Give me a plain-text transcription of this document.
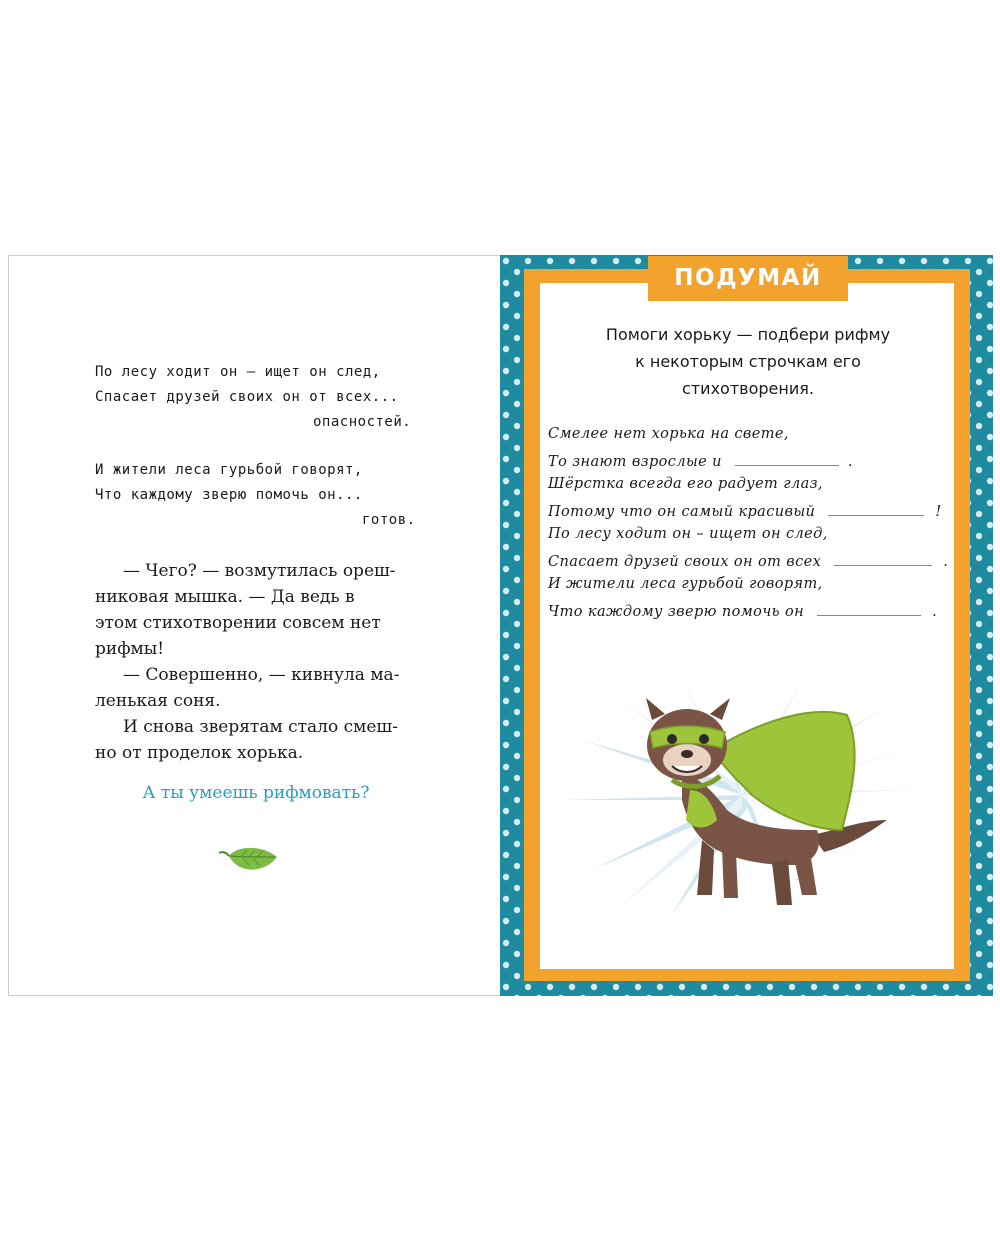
По лесу ходит он — ищет он след,
Спасает друзей своих он от всех...
опасностей.
И жители леса гурьбой говорят,
Что каждому зверю помочь он...
готов.

— Чего? — возмутилась ореш-

никовая мышка. — Да ведь в

этом стихотворении совсем нет

рифмы!

— Совершенно, — кивнула ма-

ленькая соня.

И снова зверятам стало смеш-

но от проделок хорька.

А ты умеешь рифмовать?
ПОДУМАЙ
Помоги хорьку — подбери рифму
к некоторым строчкам его
стихотворения.
Смелее нет хорька на свете,
То знают взрослые и	.
Шёрстка всегда его радует глаз,
Потому что он самый красивый	!
По лесу ходит он – ищет он след,
Спасает друзей своих он от всех	.
И жители леса гурьбой говорят,
Что каждому зверю помочь он	.
